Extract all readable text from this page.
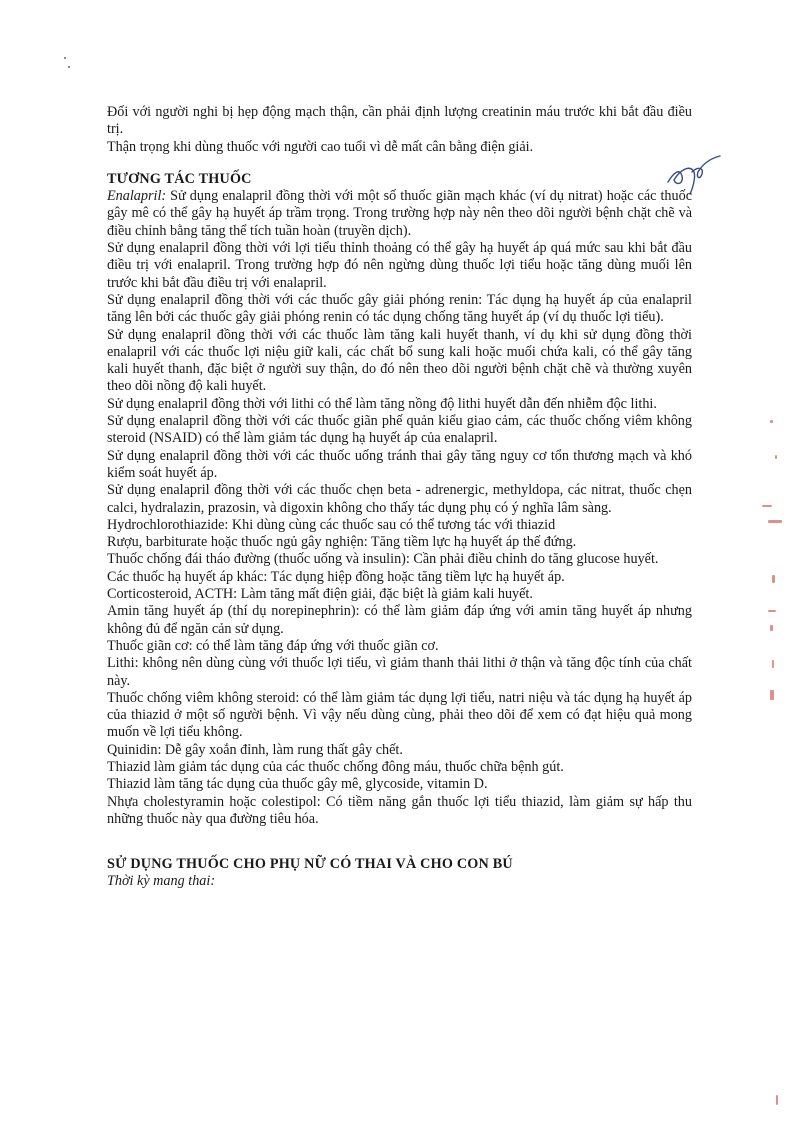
Đối với người nghi bị hẹp động mạch thận, cần phải định lượng creatinin máu trước khi bắt đầu điều trị.

Thận trọng khi dùng thuốc với người cao tuổi vì dễ mất cân bằng điện giải.

TƯƠNG TÁC THUỐC

Enalapril: Sử dụng enalapril đồng thời với một số thuốc giãn mạch khác (ví dụ nitrat) hoặc các thuốc gây mê có thể gây hạ huyết áp trầm trọng. Trong trường hợp này nên theo dõi người bệnh chặt chẽ và điều chỉnh bằng tăng thể tích tuần hoàn (truyền dịch).

Sử dụng enalapril đồng thời với lợi tiểu thỉnh thoảng có thể gây hạ huyết áp quá mức sau khi bắt đầu điều trị với enalapril. Trong trường hợp đó nên ngừng dùng thuốc lợi tiểu hoặc tăng dùng muối lên trước khi bắt đầu điều trị với enalapril.

Sử dụng enalapril đồng thời với các thuốc gây giải phóng renin: Tác dụng hạ huyết áp của enalapril tăng lên bởi các thuốc gây giải phóng renin có tác dụng chống tăng huyết áp (ví dụ thuốc lợi tiểu).

Sử dụng enalapril đồng thời với các thuốc làm tăng kali huyết thanh, ví dụ khi sử dụng đồng thời enalapril với các thuốc lợi niệu giữ kali, các chất bổ sung kali hoặc muối chứa kali, có thể gây tăng kali huyết thanh, đặc biệt ở người suy thận, do đó nên theo dõi người bệnh chặt chẽ và thường xuyên theo dõi nồng độ kali huyết.

Sử dụng enalapril đồng thời với lithi có thể làm tăng nồng độ lithi huyết dẫn đến nhiễm độc lithi.

Sử dụng enalapril đồng thời với các thuốc giãn phế quản kiểu giao cảm, các thuốc chống viêm không steroid (NSAID) có thể làm giảm tác dụng hạ huyết áp của enalapril.

Sử dụng enalapril đồng thời với các thuốc uống tránh thai gây tăng nguy cơ tổn thương mạch và khó kiểm soát huyết áp.

Sử dụng enalapril đồng thời với các thuốc chẹn beta - adrenergic, methyldopa, các nitrat, thuốc chẹn calci, hydralazin, prazosin, và digoxin không cho thấy tác dụng phụ có ý nghĩa lâm sàng.

Hydrochlorothiazide: Khi dùng cùng các thuốc sau có thể tương tác với thiazid

Rượu, barbiturate hoặc thuốc ngủ gây nghiện: Tăng tiềm lực hạ huyết áp thế đứng.

Thuốc chống đái tháo đường (thuốc uống và insulin): Cần phải điều chỉnh do tăng glucose huyết.

Các thuốc hạ huyết áp khác: Tác dụng hiệp đồng hoặc tăng tiềm lực hạ huyết áp.

Corticosteroid, ACTH: Làm tăng mất điện giải, đặc biệt là giảm kali huyết.

Amin tăng huyết áp (thí dụ norepinephrin): có thể làm giảm đáp ứng với amin tăng huyết áp nhưng không đủ để ngăn cản sử dụng.

Thuốc giãn cơ: có thể làm tăng đáp ứng với thuốc giãn cơ.

Lithi: không nên dùng cùng với thuốc lợi tiểu, vì giảm thanh thải lithi ở thận và tăng độc tính của chất này.

Thuốc chống viêm không steroid: có thể làm giảm tác dụng lợi tiểu, natri niệu và tác dụng hạ huyết áp của thiazid ở một số người bệnh. Vì vậy nếu dùng cùng, phải theo dõi để xem có đạt hiệu quả mong muốn về lợi tiểu không.

Quinidin: Dễ gây xoắn đỉnh, làm rung thất gây chết.

Thiazid làm giảm tác dụng của các thuốc chống đông máu, thuốc chữa bệnh gút.

Thiazid làm tăng tác dụng của thuốc gây mê, glycoside, vitamin D.

Nhựa cholestyramin hoặc colestipol: Có tiềm năng gắn thuốc lợi tiểu thiazid, làm giảm sự hấp thu những thuốc này qua đường tiêu hóa.

SỬ DỤNG THUỐC CHO PHỤ NỮ CÓ THAI VÀ CHO CON BÚ

Thời kỳ mang thai:
